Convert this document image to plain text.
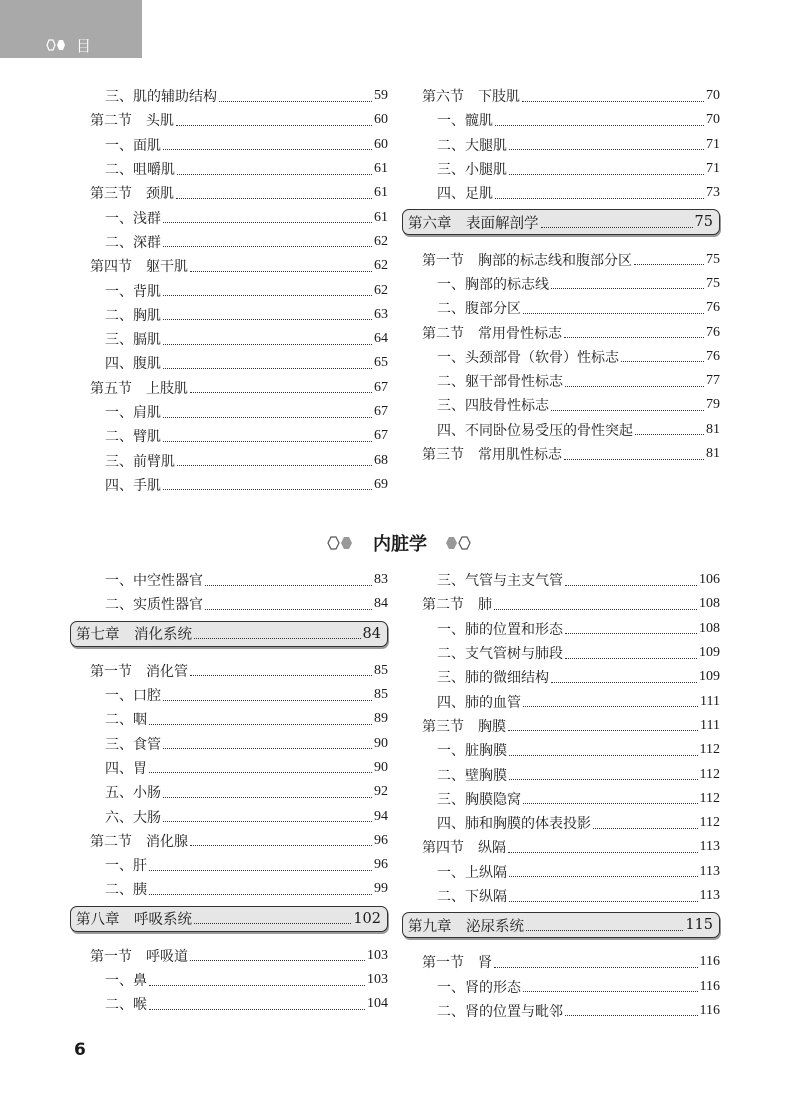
目　录
三、肌的辅助结构	59
第二节　头肌	60
一、面肌	60
二、咀嚼肌	61
第三节　颈肌	61
一、浅群	61
二、深群	62
第四节　躯干肌	62
一、背肌	62
二、胸肌	63
三、膈肌	64
四、腹肌	65
第五节　上肢肌	67
一、肩肌	67
二、臂肌	67
三、前臂肌	68
四、手肌	69
第六节　下肢肌	70
一、髋肌	70
二、大腿肌	71
三、小腿肌	71
四、足肌	73
第六章　表面解剖学	75
第一节　胸部的标志线和腹部分区	75
一、胸部的标志线	75
二、腹部分区	76
第二节　常用骨性标志	76
一、头颈部骨（软骨）性标志	76
二、躯干部骨性标志	77
三、四肢骨性标志	79
四、不同卧位易受压的骨性突起	81
第三节　常用肌性标志	81
内脏学
一、中空性器官	83
二、实质性器官	84
第七章　消化系统	84
第一节　消化管	85
一、口腔	85
二、咽	89
三、食管	90
四、胃	90
五、小肠	92
六、大肠	94
第二节　消化腺	96
一、肝	96
二、胰	99
第八章　呼吸系统	102
第一节　呼吸道	103
一、鼻	103
二、喉	104
三、气管与主支气管	106
第二节　肺	108
一、肺的位置和形态	108
二、支气管树与肺段	109
三、肺的微细结构	109
四、肺的血管	111
第三节　胸膜	111
一、脏胸膜	112
二、壁胸膜	112
三、胸膜隐窝	112
四、肺和胸膜的体表投影	112
第四节　纵隔	113
一、上纵隔	113
二、下纵隔	113
第九章　泌尿系统	115
第一节　肾	116
一、肾的形态	116
二、肾的位置与毗邻	116
6
